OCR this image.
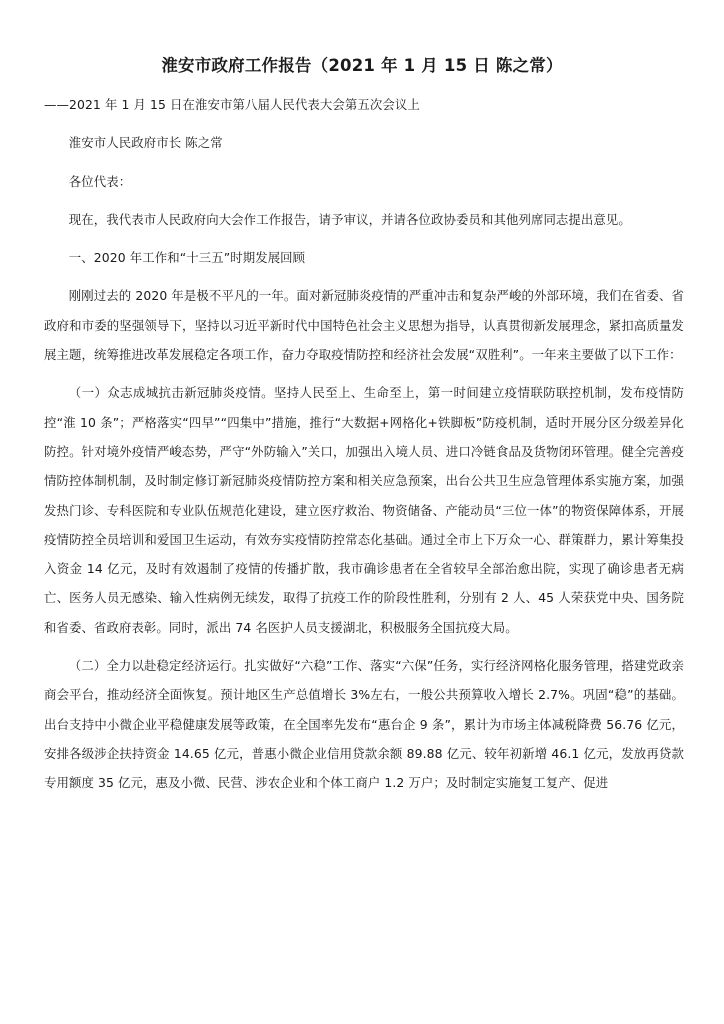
淮安市政府工作报告（2021 年 1 月 15 日 陈之常）

——2021 年 1 月 15 日在淮安市第八届人民代表大会第五次会议上

淮安市人民政府市长 陈之常

各位代表：

现在，我代表市人民政府向大会作工作报告，请予审议，并请各位政协委员和其他列席同志提出意见。

一、2020 年工作和“十三五”时期发展回顾

刚刚过去的 2020 年是极不平凡的一年。面对新冠肺炎疫情的严重冲击和复杂严峻的外部环境，我们在省委、省政府和市委的坚强领导下，坚持以习近平新时代中国特色社会主义思想为指导，认真贯彻新发展理念，紧扣高质量发展主题，统筹推进改革发展稳定各项工作，奋力夺取疫情防控和经济社会发展“双胜利”。一年来主要做了以下工作：

（一）众志成城抗击新冠肺炎疫情。坚持人民至上、生命至上，第一时间建立疫情联防联控机制，发布疫情防控“淮 10 条”；严格落实“四早”“四集中”措施，推行“大数据+网格化+铁脚板”防疫机制，适时开展分区分级差异化防控。针对境外疫情严峻态势，严守“外防输入”关口，加强出入境人员、进口冷链食品及货物闭环管理。健全完善疫情防控体制机制，及时制定修订新冠肺炎疫情防控方案和相关应急预案，出台公共卫生应急管理体系实施方案，加强发热门诊、专科医院和专业队伍规范化建设，建立医疗救治、物资储备、产能动员“三位一体”的物资保障体系，开展疫情防控全员培训和爱国卫生运动，有效夯实疫情防控常态化基础。通过全市上下万众一心、群策群力，累计筹集投入资金 14 亿元，及时有效遏制了疫情的传播扩散，我市确诊患者在全省较早全部治愈出院，实现了确诊患者无病亡、医务人员无感染、输入性病例无续发，取得了抗疫工作的阶段性胜利，分别有 2 人、45 人荣获党中央、国务院和省委、省政府表彰。同时，派出 74 名医护人员支援湖北，积极服务全国抗疫大局。

（二）全力以赴稳定经济运行。扎实做好“六稳”工作、落实“六保”任务，实行经济网格化服务管理，搭建党政亲商会平台，推动经济全面恢复。预计地区生产总值增长 3%左右，一般公共预算收入增长 2.7%。巩固“稳”的基础。出台支持中小微企业平稳健康发展等政策，在全国率先发布“惠台企 9 条”，累计为市场主体减税降费 56.76 亿元，安排各级涉企扶持资金 14.65 亿元，普惠小微企业信用贷款余额 89.88 亿元、较年初新增 46.1 亿元，发放再贷款专用额度 35 亿元，惠及小微、民营、涉农企业和个体工商户 1.2 万户；及时制定实施复工复产、促进
